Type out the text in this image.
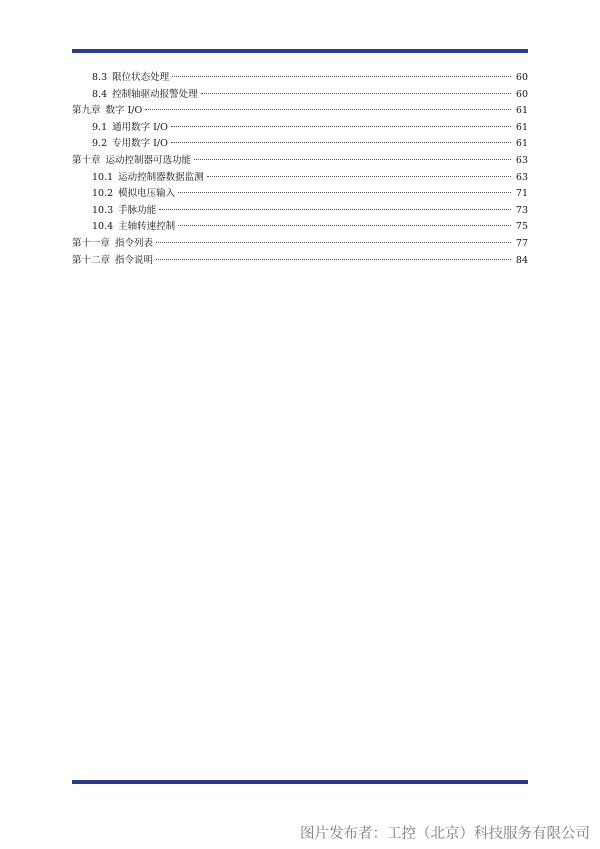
8.3 限位状态处理	60
8.4 控制轴驱动报警处理	60
第九章 数字 I/O	61
9.1 通用数字 I/O	61
9.2 专用数字 I/O	61
第十章 运动控制器可选功能	63
10.1 运动控制器数据监测	63
10.2 模拟电压输入	71
10.3 手脉功能	73
10.4 主轴转速控制	75
第十一章 指令列表	77
第十二章 指令说明	84
图片发布者：工控（北京）科技服务有限公司
